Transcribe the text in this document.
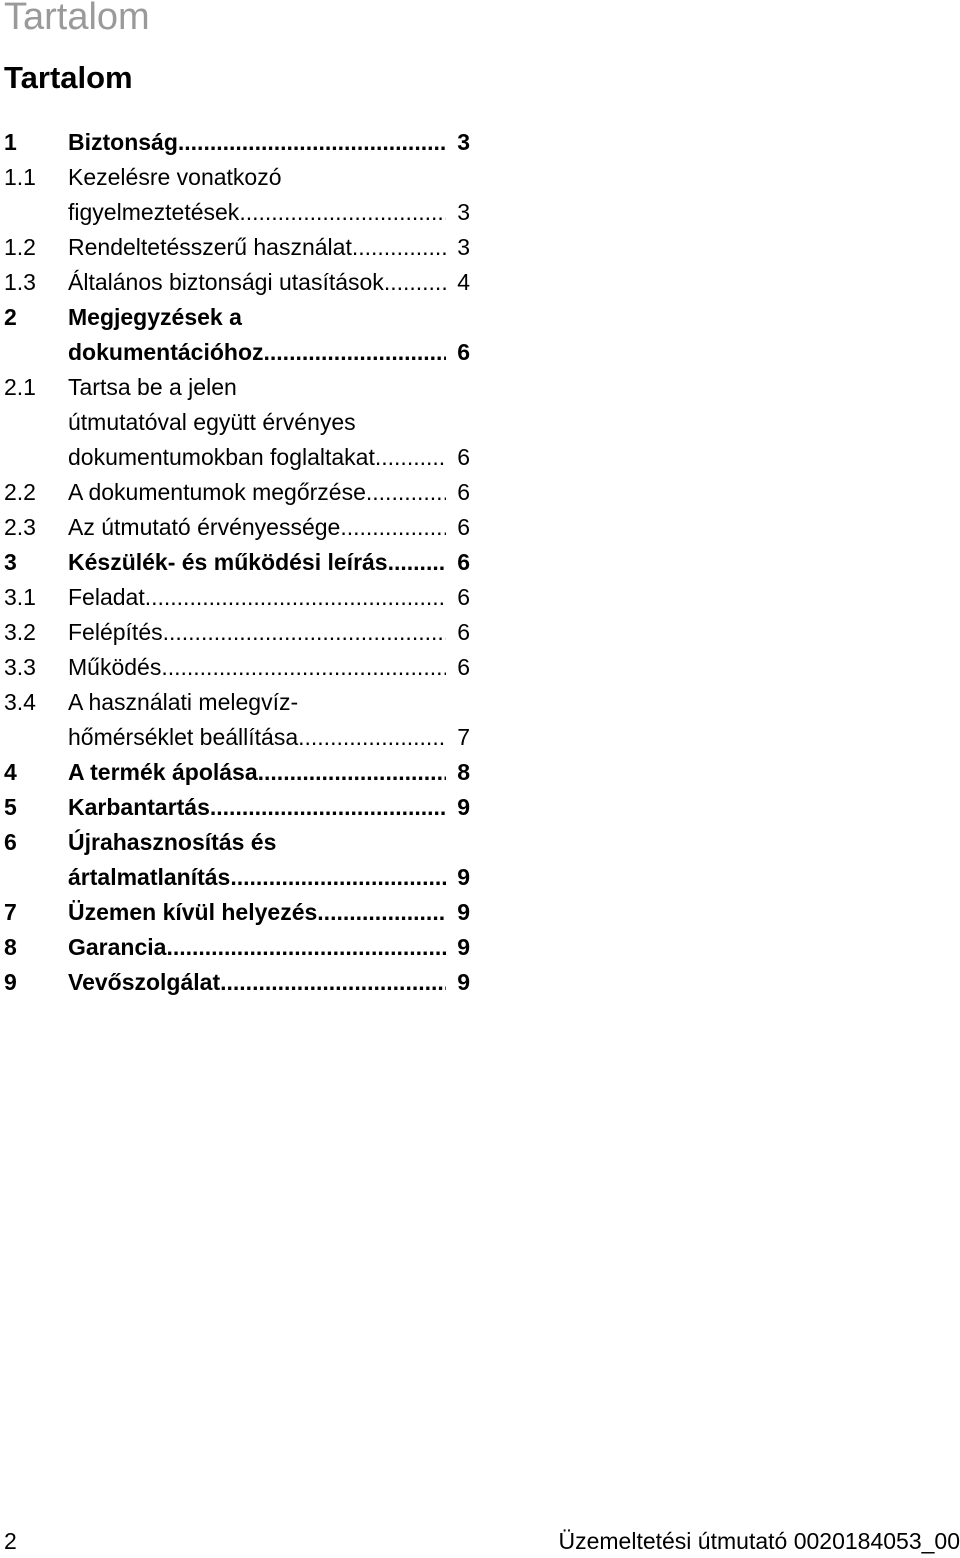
Tartalom
Tartalom
1 Biztonság .....	3
1.1 Kezelésre vonatkozó
figyelmeztetések .....	3
1.2 Rendeltetésszerű használat .....	3
1.3 Általános biztonsági utasítások .....	4
2 Megjegyzések a
dokumentációhoz .....	6
2.1 Tartsa be a jelen
útmutatóval együtt érvényes
dokumentumokban foglaltakat .....	6
2.2 A dokumentumok megőrzése .....	6
2.3 Az útmutató érvényessége .....	6
3 Készülék- és működési leírás .....	6
3.1 Feladat .....	6
3.2 Felépítés .....	6
3.3 Működés .....	6
3.4 A használati melegvíz-
hőmérséklet beállítása .....	7
4 A termék ápolása .....	8
5 Karbantartás .....	9
6 Újrahasznosítás és
ártalmatlanítás .....	9
7 Üzemen kívül helyezés .....	9
8 Garancia .....	9
9 Vevőszolgálat .....	9
2	Üzemeltetési útmutató 0020184053_00
